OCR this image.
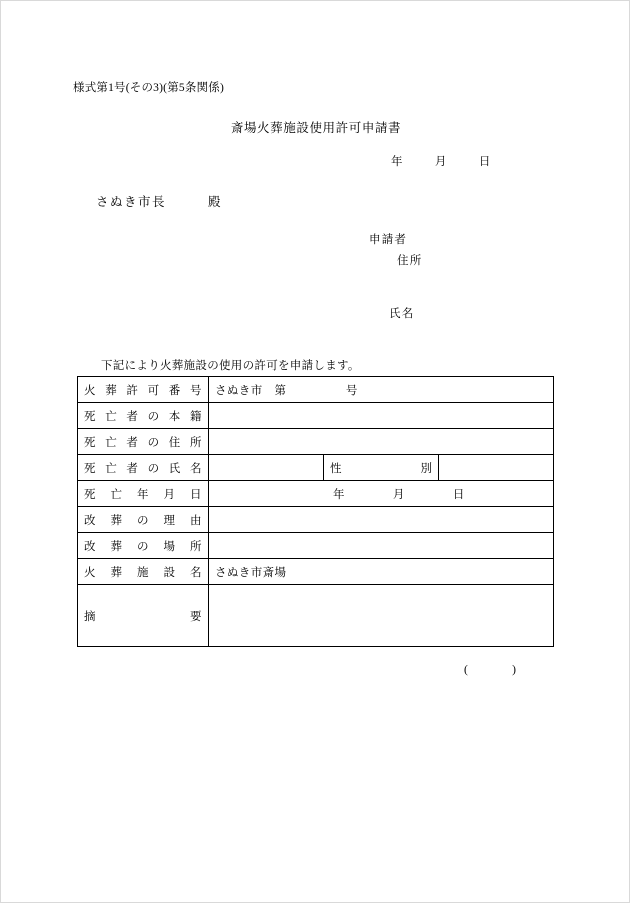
様式第1号(その3)(第5条関係)
斎場火葬施設使用許可申請書
年	月	日
さぬき市長	殿
申請者
住所
氏名
下記により火葬施設の使用の許可を申請します。
火葬許可番号	さぬき市　第　　　　　号		
死亡者の本籍			
死亡者の住所			
死亡者の氏名		性別	
死亡年月日	年 月 日		
改葬の理由			
改葬の場所			
火葬施設名	さぬき市斎場		
摘要			
(	)
